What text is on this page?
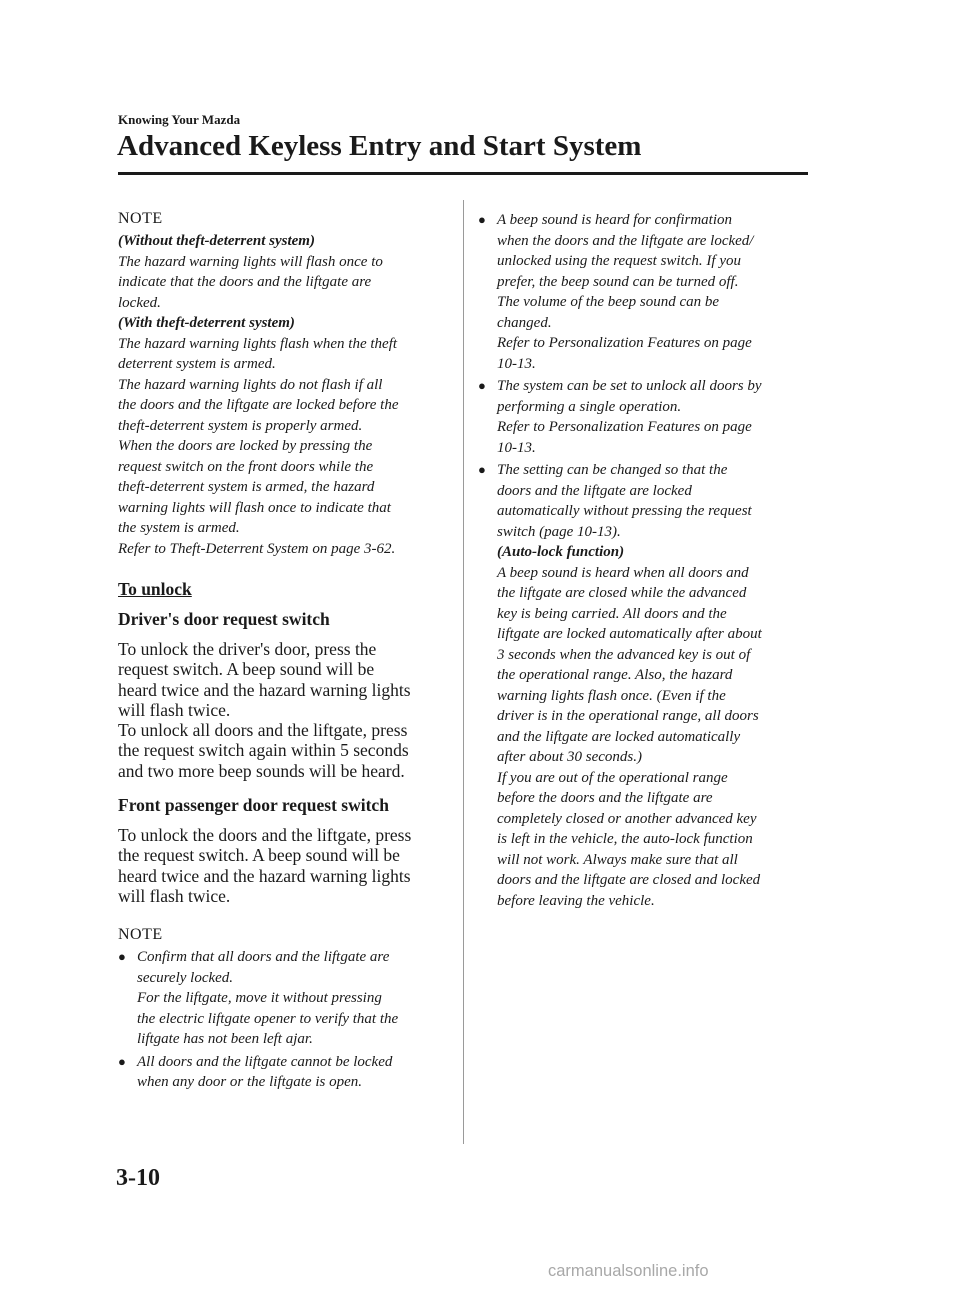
Knowing Your Mazda
Advanced Keyless Entry and Start System
NOTE
(Without theft-deterrent system)
The hazard warning lights will flash once to
indicate that the doors and the liftgate are
locked.
(With theft-deterrent system)
The hazard warning lights flash when the theft
deterrent system is armed.
The hazard warning lights do not flash if all
the doors and the liftgate are locked before the
theft-deterrent system is properly armed.
When the doors are locked by pressing the
request switch on the front doors while the
theft-deterrent system is armed, the hazard
warning lights will flash once to indicate that
the system is armed.
Refer to Theft-Deterrent System on page 3-62.
To unlock
Driver's door request switch
To unlock the driver's door, press the
request switch. A beep sound will be
heard twice and the hazard warning lights
will flash twice.
To unlock all doors and the liftgate, press
the request switch again within 5 seconds
and two more beep sounds will be heard.
Front passenger door request switch
To unlock the doors and the liftgate, press
the request switch. A beep sound will be
heard twice and the hazard warning lights
will flash twice.
NOTE
● Confirm that all doors and the liftgate are
securely locked.
For the liftgate, move it without pressing
the electric liftgate opener to verify that the
liftgate has not been left ajar.
● All doors and the liftgate cannot be locked
when any door or the liftgate is open.
● A beep sound is heard for confirmation
when the doors and the liftgate are locked/
unlocked using the request switch. If you
prefer, the beep sound can be turned off.
The volume of the beep sound can be
changed.
Refer to Personalization Features on page
10-13.
● The system can be set to unlock all doors by
performing a single operation.
Refer to Personalization Features on page
10-13.
● The setting can be changed so that the
doors and the liftgate are locked
automatically without pressing the request
switch (page 10-13).
(Auto-lock function)
A beep sound is heard when all doors and
the liftgate are closed while the advanced
key is being carried. All doors and the
liftgate are locked automatically after about
3 seconds when the advanced key is out of
the operational range. Also, the hazard
warning lights flash once. (Even if the
driver is in the operational range, all doors
and the liftgate are locked automatically
after about 30 seconds.)
If you are out of the operational range
before the doors and the liftgate are
completely closed or another advanced key
is left in the vehicle, the auto-lock function
will not work. Always make sure that all
doors and the liftgate are closed and locked
before leaving the vehicle.
3-10
carmanualsonline.info
